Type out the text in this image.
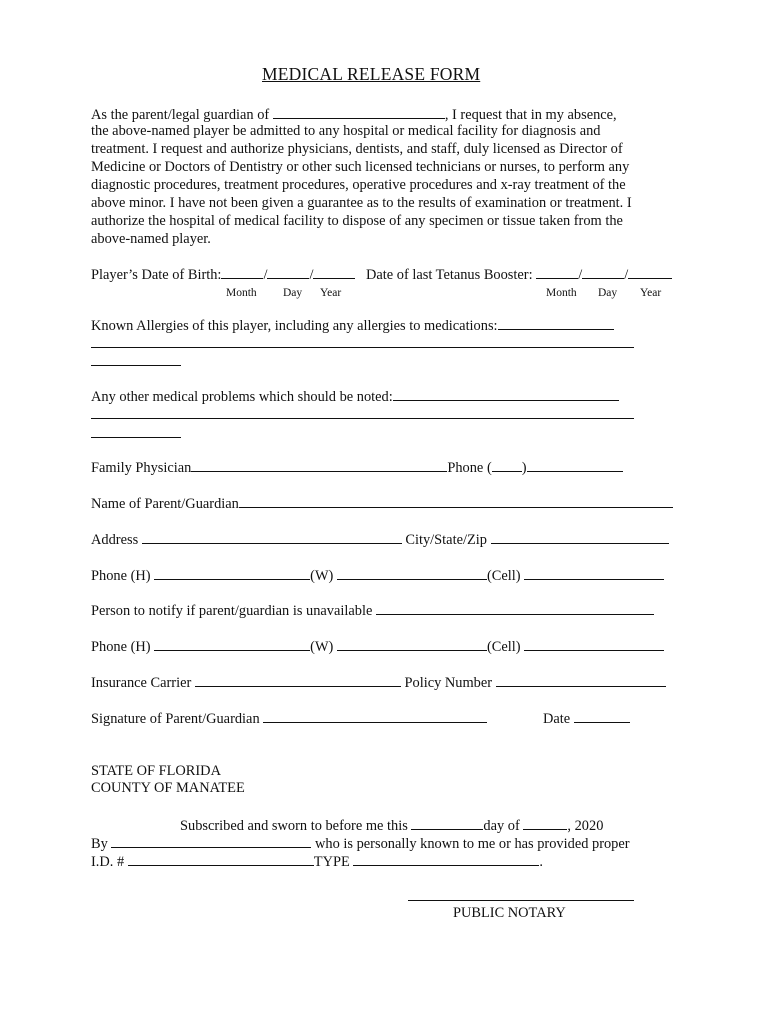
MEDICAL RELEASE FORM
As the parent/legal guardian of	, I request that in my absence,
the above-named player be admitted to any hospital or medical facility for diagnosis and
treatment. I request and authorize physicians, dentists, and staff, duly licensed as Director of
Medicine or Doctors of Dentistry or other such licensed technicians or nurses, to perform any
diagnostic procedures, treatment procedures, operative procedures and x-ray treatment of the
above minor. I have not been given a guarantee as to the results of examination or treatment. I
authorize the hospital of medical facility to dispose of any specimen or tissue taken from the
above-named player.
Player’s Date of Birth:	/	/	Date of last Tetanus Booster:	/	/
Month Day Year	Month Day Year
Known Allergies of this player, including any allergies to medications:
Any other medical problems which should be noted:
Family Physician	Phone ( )
Name of Parent/Guardian
Address	City/State/Zip
Phone (H)	(W)	(Cell)
Person to notify if parent/guardian is unavailable
Phone (H)	(W)	(Cell)
Insurance Carrier	Policy Number
Signature of Parent/Guardian	Date
STATE OF FLORIDA
COUNTY OF MANATEE
Subscribed and sworn to before me this	day of	, 2020
By	who is personally known to me or has provided proper
I.D. #	TYPE	.
PUBLIC NOTARY
